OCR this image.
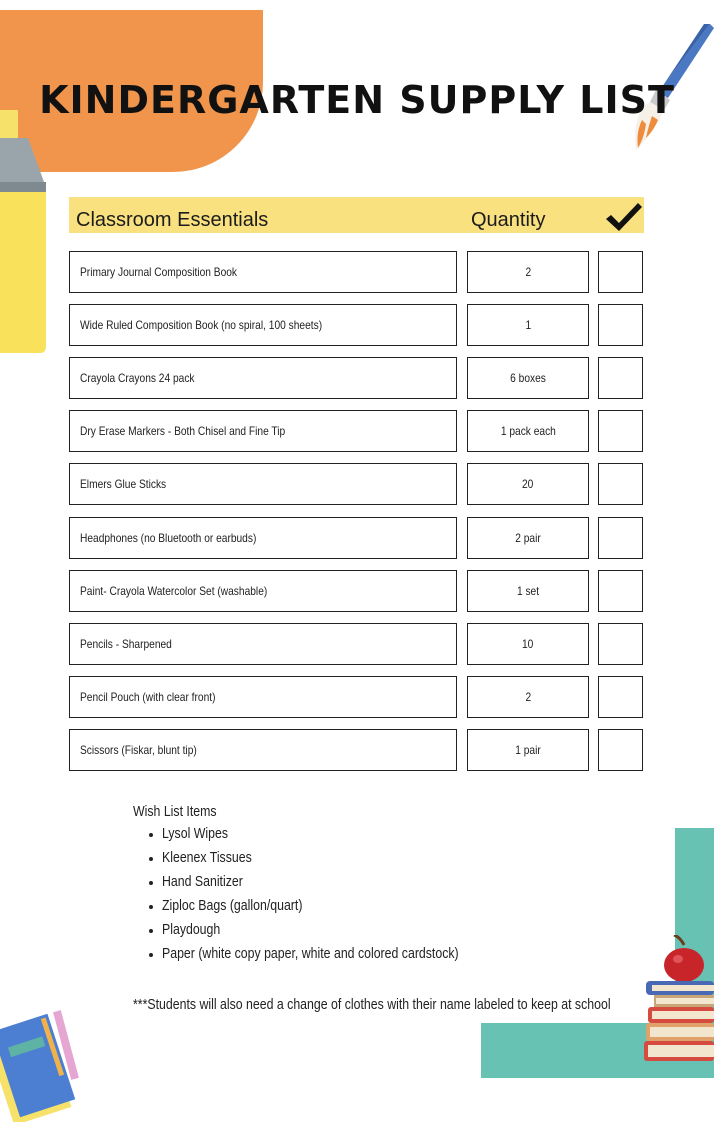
KINDERGARTEN SUPPLY LIST
Classroom Essentials	Quantity
Primary Journal Composition Book	2
Wide Ruled Composition Book (no spiral, 100 sheets)	1
Crayola Crayons 24 pack	6 boxes
Dry Erase Markers - Both Chisel and Fine Tip	1 pack each
Elmers Glue Sticks	20
Headphones (no Bluetooth or earbuds)	2 pair
Paint- Crayola Watercolor Set (washable)	1 set
Pencils - Sharpened	10
Pencil Pouch (with clear front)	2
Scissors (Fiskar, blunt tip)	1 pair
Wish List Items
Lysol Wipes
Kleenex Tissues
Hand Sanitizer
Ziploc Bags (gallon/quart)
Playdough
Paper (white copy paper, white and colored cardstock)
***Students will also need a change of clothes with their name labeled to keep at school
